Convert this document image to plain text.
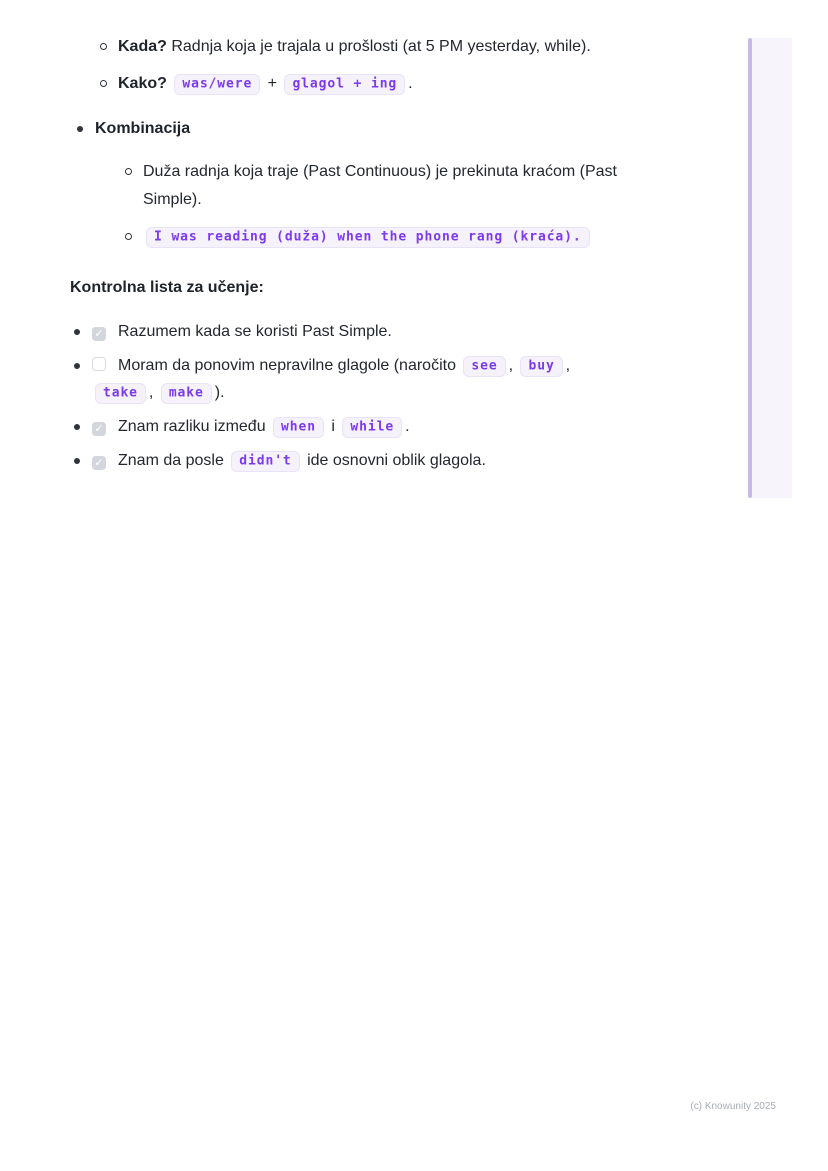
Kada? Radnja koja je trajala u prošlosti (at 5 PM yesterday, while).
Kako? was/were + glagol + ing .
Kombinacija
Duža radnja koja traje (Past Continuous) je prekinuta kraćom (Past Simple).
I was reading (duža) when the phone rang (kraća).

Kontrolna lista za učenje:

✓ Razumem kada se koristi Past Simple.
Moram da ponovim nepravilne glagole (naročito see , buy , take , make ).
✓ Znam razliku između when i while .
✓ Znam da posle didn't ide osnovni oblik glagola.
(c) Knowunity 2025
